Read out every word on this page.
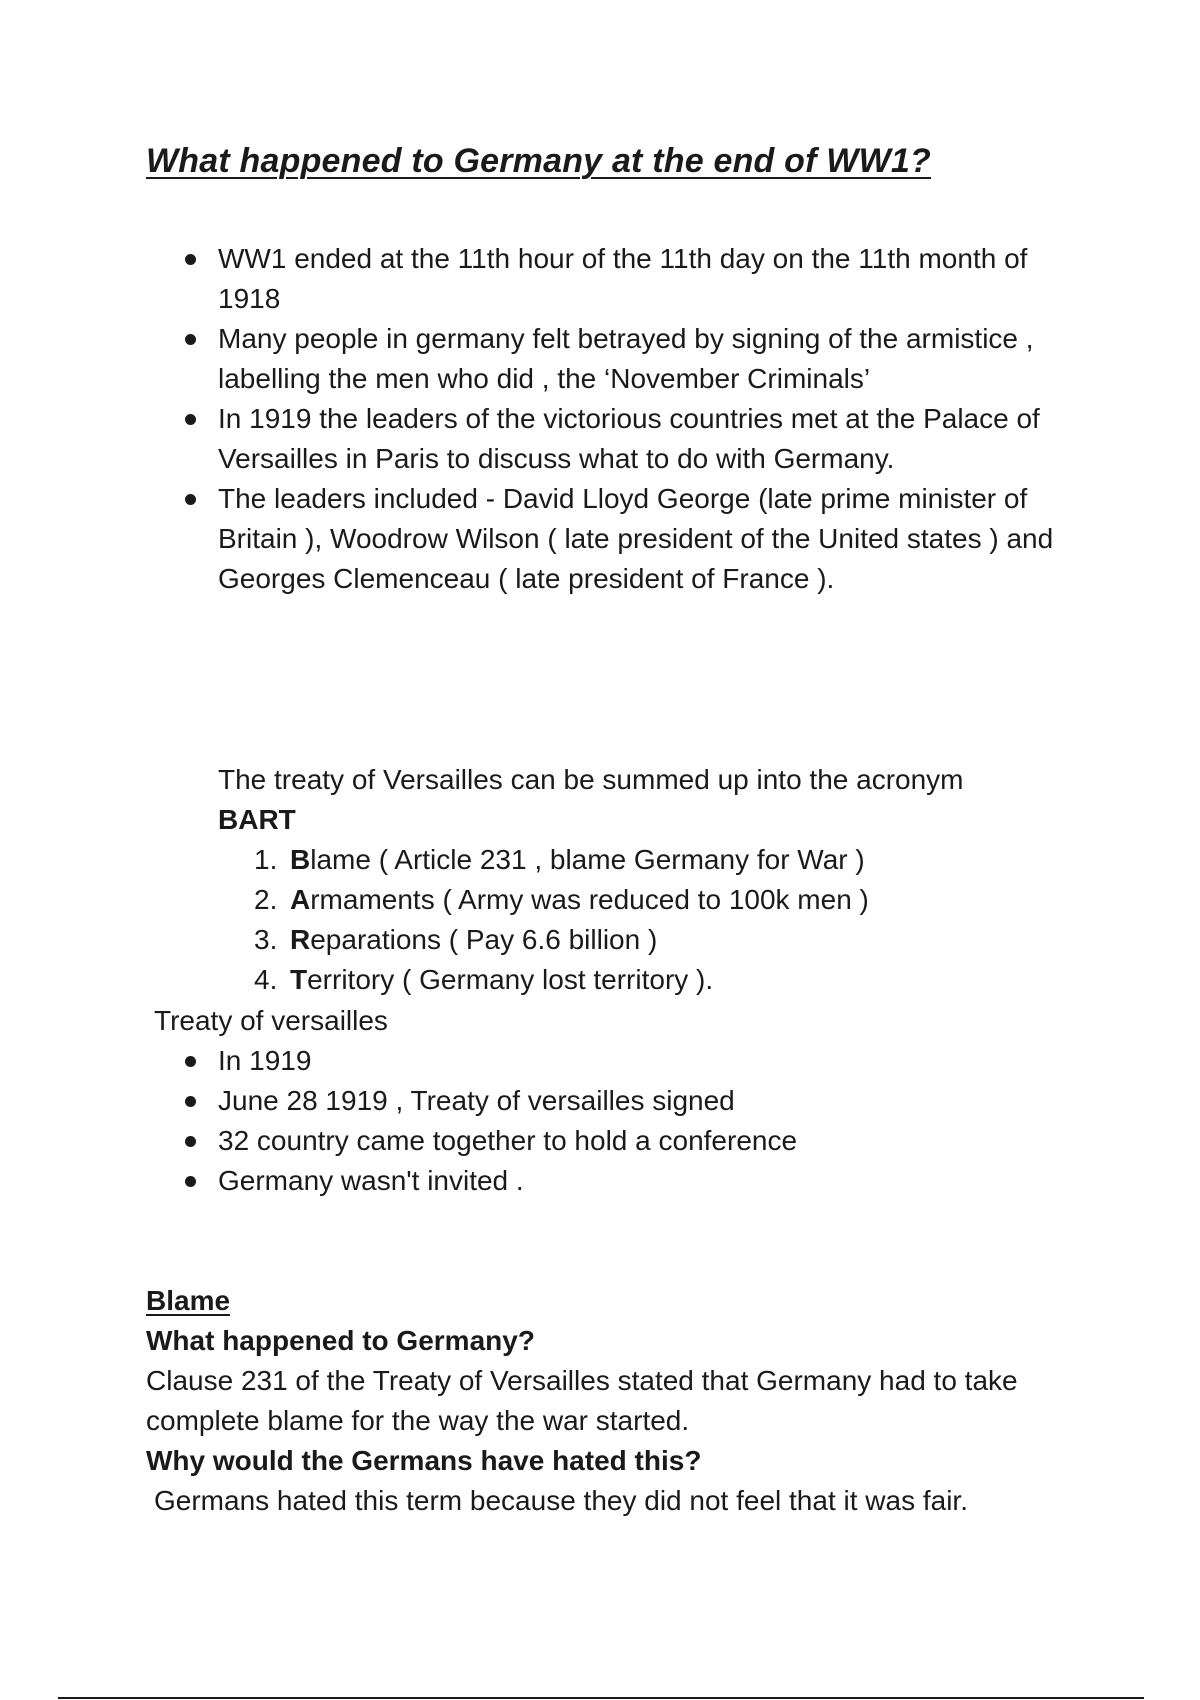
What happened to Germany at the end of WW1?
WW1 ended at the 11th hour of the 11th day on the 11th month of 1918
Many people in germany felt betrayed by signing of the armistice , labelling the men who did , the ‘November Criminals’
In 1919 the leaders of the victorious countries met at the Palace of Versailles in Paris to discuss what to do with Germany.
The leaders included - David Lloyd George (late prime minister of Britain ), Woodrow Wilson ( late president of the United states ) and Georges Clemenceau ( late president of France ).

The treaty of Versailles can be summed up into the acronym

BART

1. Blame ( Article 231 , blame Germany for War )
2. Armaments ( Army was reduced to 100k men )
3. Reparations ( Pay 6.6 billion )
4. Territory ( Germany lost territory ).

Treaty of versailles

In 1919
June 28 1919 , Treaty of versailles signed
32 country came together to hold a conference
Germany wasn't invited .

Blame

What happened to Germany?

Clause 231 of the Treaty of Versailles stated that Germany had to take complete blame for the way the war started.

Why would the Germans have hated this?

Germans hated this term because they did not feel that it was fair.
